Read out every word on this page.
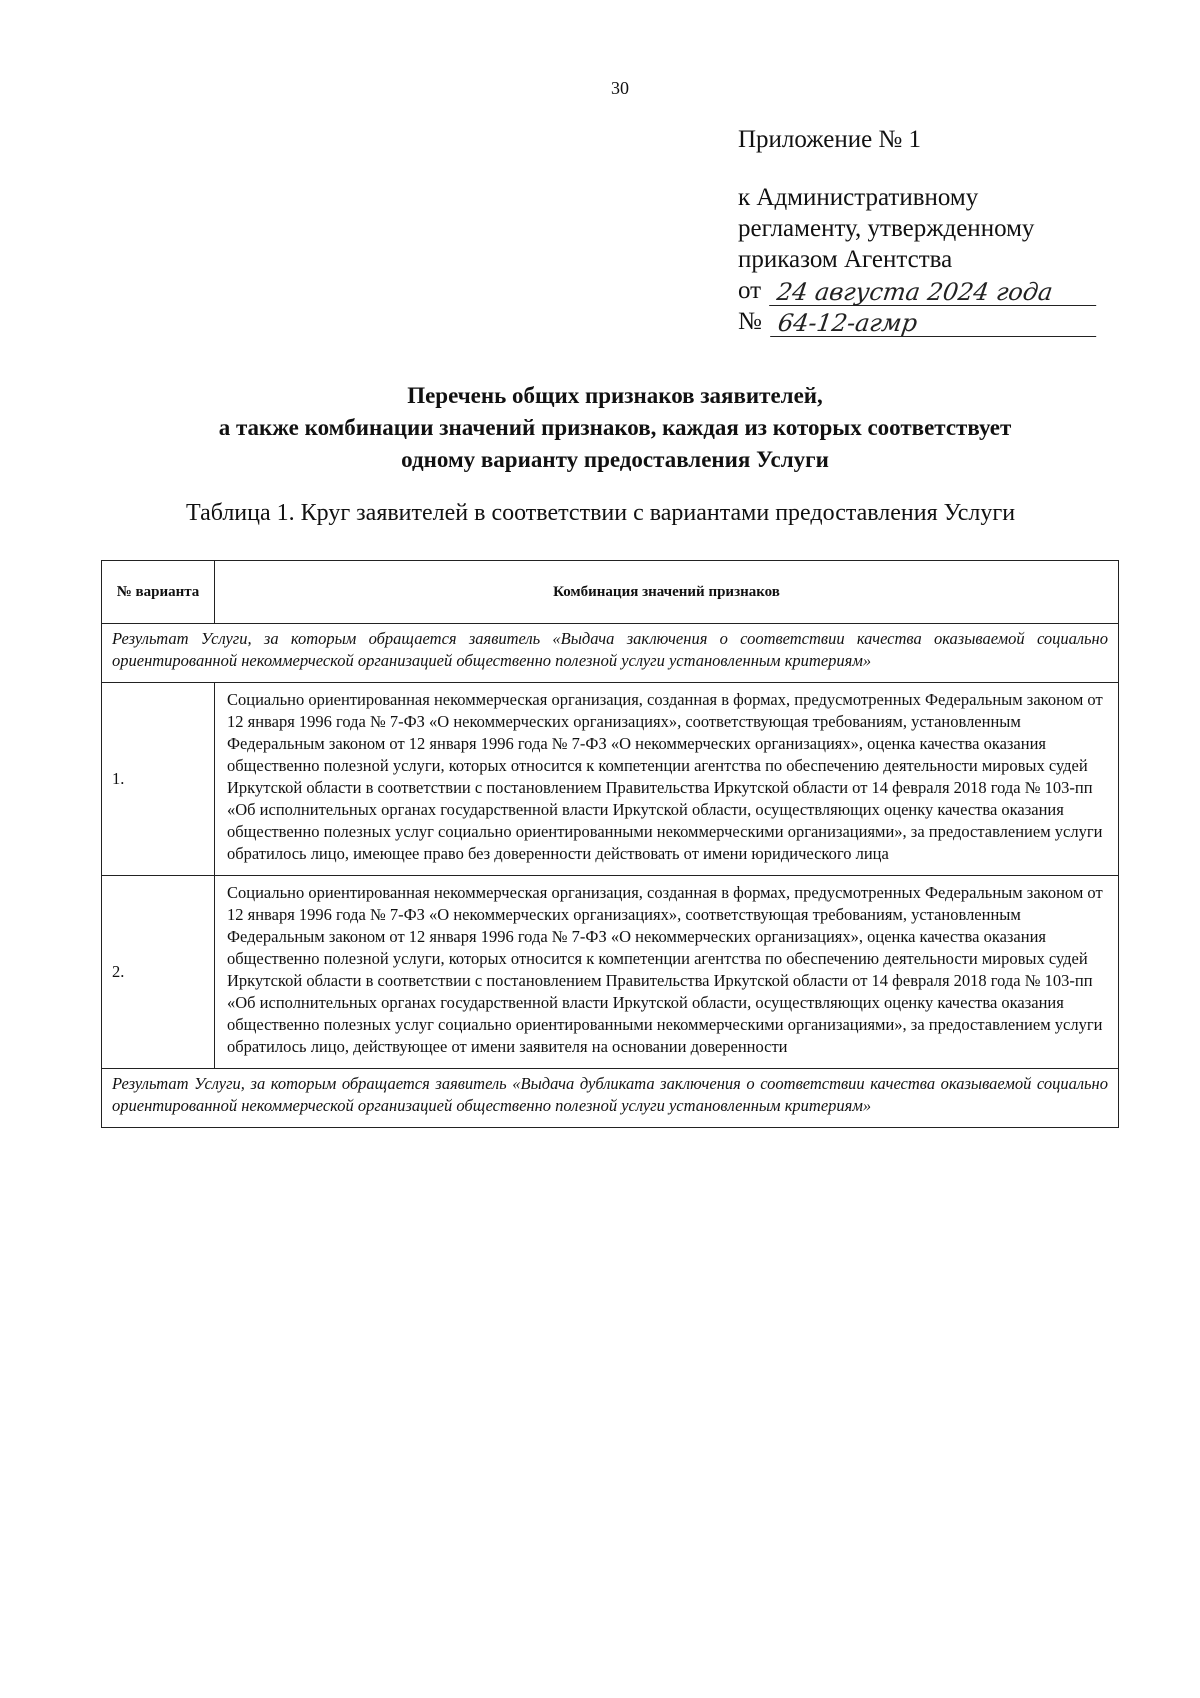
30
Приложение № 1
к Административному
регламенту, утвержденному
приказом Агентства
от 24 августа 2024 года
№ 64-12-агмр
Перечень общих признаков заявителей,
а также комбинации значений признаков, каждая из которых соответствует
одному варианту предоставления Услуги
Таблица 1. Круг заявителей в соответствии с вариантами предоставления Услуги
№ варианта	Комбинация значений признаков
Результат Услуги, за которым обращается заявитель «Выдача заключения о соответствии качества оказываемой социально ориентированной некоммерческой организацией общественно полезной услуги установленным критериям»	
1.	Социально ориентированная некоммерческая организация, созданная в формах, предусмотренных Федеральным законом от 12 января 1996 года № 7-ФЗ «О некоммерческих организациях», соответствующая требованиям, установленным Федеральным законом от 12 января 1996 года № 7-ФЗ «О некоммерческих организациях», оценка качества оказания общественно полезной услуги, которых относится к компетенции агентства по обеспечению деятельности мировых судей Иркутской области в соответствии с постановлением Правительства Иркутской области от 14 февраля 2018 года № 103-пп «Об исполнительных органах государственной власти Иркутской области, осуществляющих оценку качества оказания общественно полезных услуг социально ориентированными некоммерческими организациями», за предоставлением услуги обратилось лицо, имеющее право без доверенности действовать от имени юридического лица
2.	Социально ориентированная некоммерческая организация, созданная в формах, предусмотренных Федеральным законом от 12 января 1996 года № 7-ФЗ «О некоммерческих организациях», соответствующая требованиям, установленным Федеральным законом от 12 января 1996 года № 7-ФЗ «О некоммерческих организациях», оценка качества оказания общественно полезной услуги, которых относится к компетенции агентства по обеспечению деятельности мировых судей Иркутской области в соответствии с постановлением Правительства Иркутской области от 14 февраля 2018 года № 103-пп «Об исполнительных органах государственной власти Иркутской области, осуществляющих оценку качества оказания общественно полезных услуг социально ориентированными некоммерческими организациями», за предоставлением услуги обратилось лицо, действующее от имени заявителя на основании доверенности
Результат Услуги, за которым обращается заявитель «Выдача дубликата заключения о соответствии качества оказываемой социально ориентированной некоммерческой организацией общественно полезной услуги установленным критериям»	
